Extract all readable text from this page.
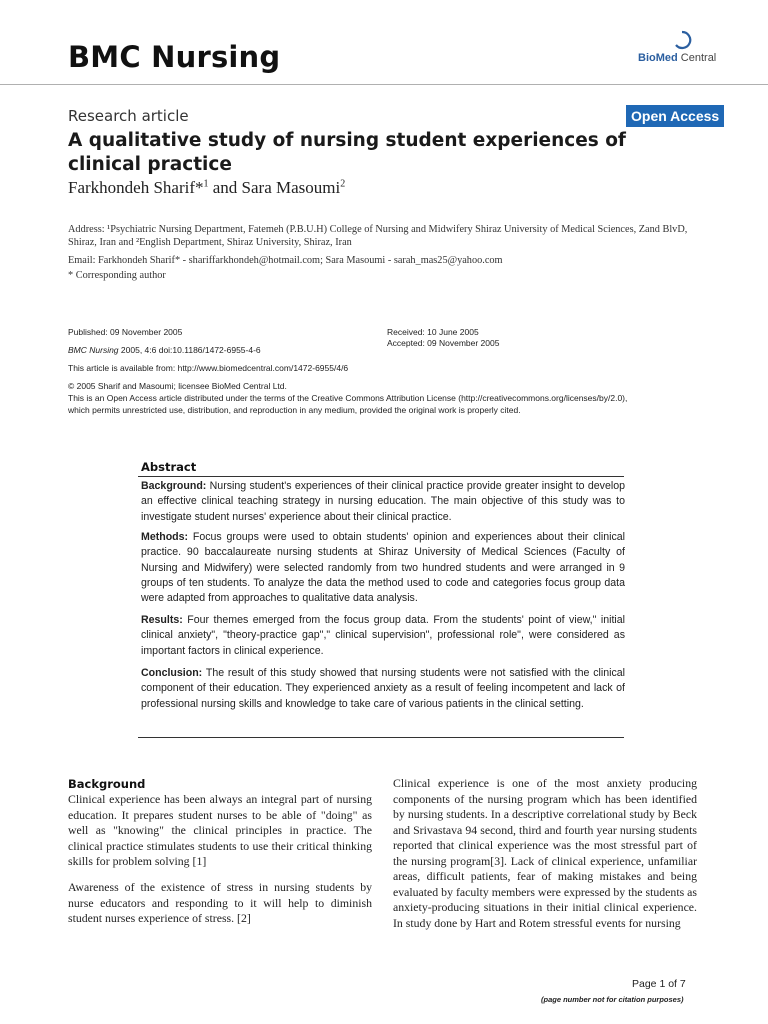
BMC Nursing	BioMed Central
Research article	Open Access
A qualitative study of nursing student experiences of clinical practice
Farkhondeh Sharif*$^1$ and Sara Masoumi$^2$
Address: ¹Psychiatric Nursing Department, Fatemeh (P.B.U.H) College of Nursing and Midwifery Shiraz University of Medical Sciences, Zand BlvD, Shiraz, Iran and ²English Department, Shiraz University, Shiraz, Iran
Email: Farkhondeh Sharif* - shariffarkhondeh@hotmail.com; Sara Masoumi - sarah_mas25@yahoo.com
* Corresponding author
Published: 09 November 2005
BMC Nursing 2005, 4:6 doi:10.1186/1472-6955-4-6
Received: 10 June 2005
Accepted: 09 November 2005
This article is available from: http://www.biomedcentral.com/1472-6955/4/6
© 2005 Sharif and Masoumi; licensee BioMed Central Ltd.
This is an Open Access article distributed under the terms of the Creative Commons Attribution License (http://creativecommons.org/licenses/by/2.0),
which permits unrestricted use, distribution, and reproduction in any medium, provided the original work is properly cited.
Abstract
Background: Nursing student's experiences of their clinical practice provide greater insight to develop an effective clinical teaching strategy in nursing education. The main objective of this study was to investigate student nurses' experience about their clinical practice.
Methods: Focus groups were used to obtain students' opinion and experiences about their clinical practice. 90 baccalaureate nursing students at Shiraz University of Medical Sciences (Faculty of Nursing and Midwifery) were selected randomly from two hundred students and were arranged in 9 groups of ten students. To analyze the data the method used to code and categories focus group data were adapted from approaches to qualitative data analysis.
Results: Four themes emerged from the focus group data. From the students' point of view," initial clinical anxiety", "theory-practice gap"," clinical supervision", professional role", were considered as important factors in clinical experience.
Conclusion: The result of this study showed that nursing students were not satisfied with the clinical component of their education. They experienced anxiety as a result of feeling incompetent and lack of professional nursing skills and knowledge to take care of various patients in the clinical setting.
Background
Clinical experience has been always an integral part of nursing education. It prepares student nurses to be able of "doing" as well as "knowing" the clinical principles in practice. The clinical practice stimulates students to use their critical thinking skills for problem solving [1]
Awareness of the existence of stress in nursing students by nurse educators and responding to it will help to diminish student nurses experience of stress. [2]
Clinical experience is one of the most anxiety producing components of the nursing program which has been identified by nursing students. In a descriptive correlational study by Beck and Srivastava 94 second, third and fourth year nursing students reported that clinical experience was the most stressful part of the nursing program[3]. Lack of clinical experience, unfamiliar areas, difficult patients, fear of making mistakes and being evaluated by faculty members were expressed by the students as anxiety-producing situations in their initial clinical experience. In study done by Hart and Rotem stressful events for nursing
Page 1 of 7
(page number not for citation purposes)
